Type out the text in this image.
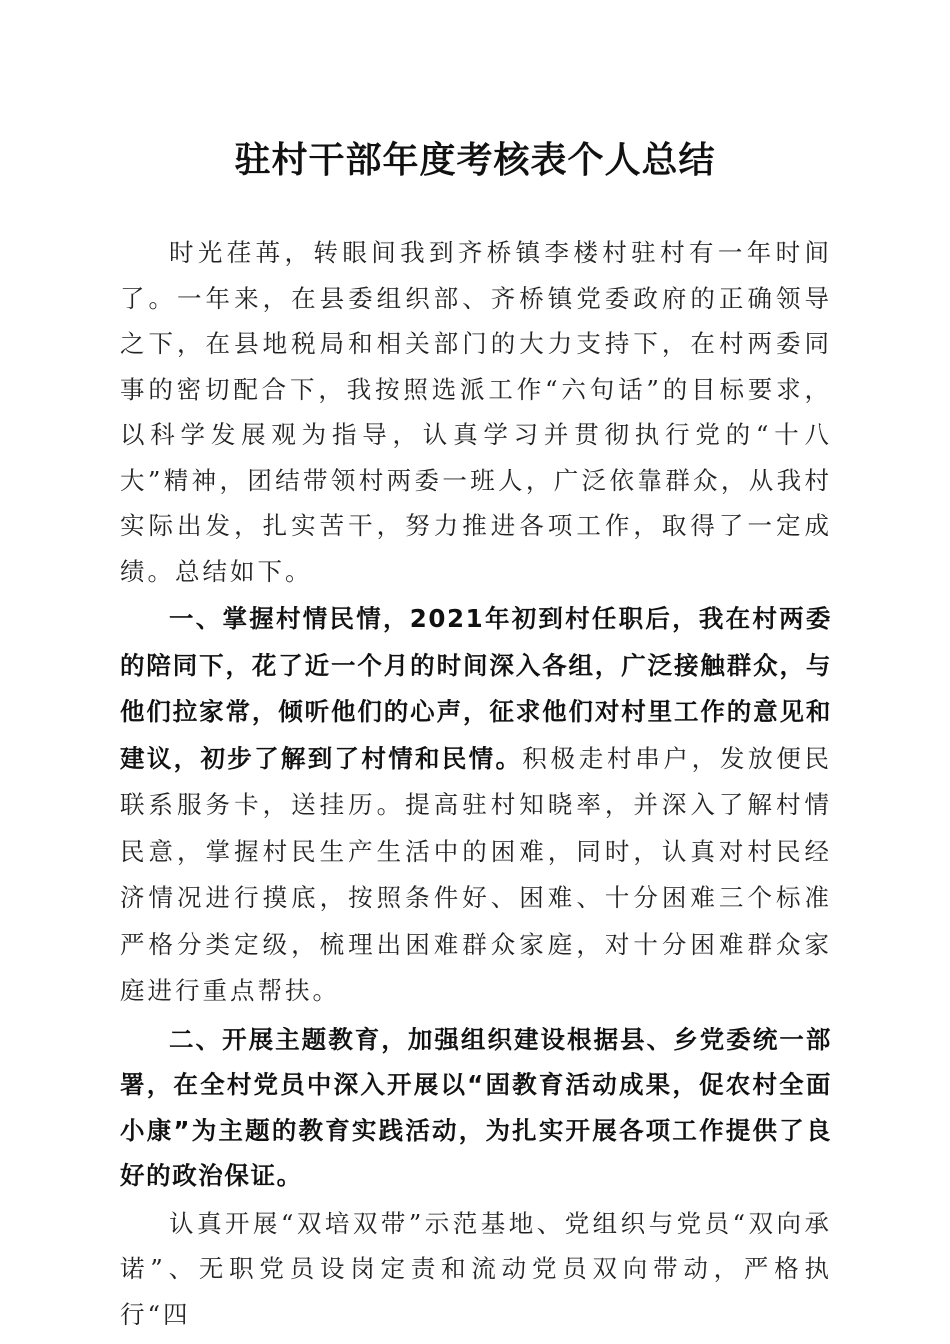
驻村干部年度考核表个人总结

时光荏苒，转眼间我到齐桥镇李楼村驻村有一年时间了。一年来，在县委组织部、齐桥镇党委政府的正确领导之下，在县地税局和相关部门的大力支持下，在村两委同事的密切配合下，我按照选派工作“六句话”的目标要求，以科学发展观为指导，认真学习并贯彻执行党的“十八大”精神，团结带领村两委一班人，广泛依靠群众，从我村实际出发，扎实苦干，努力推进各项工作，取得了一定成绩。总结如下。

一、掌握村情民情，2021年初到村任职后，我在村两委的陪同下，花了近一个月的时间深入各组，广泛接触群众，与他们拉家常，倾听他们的心声，征求他们对村里工作的意见和建议，初步了解到了村情和民情。积极走村串户，发放便民联系服务卡，送挂历。提高驻村知晓率，并深入了解村情民意，掌握村民生产生活中的困难，同时，认真对村民经济情况进行摸底，按照条件好、困难、十分困难三个标准严格分类定级，梳理出困难群众家庭，对十分困难群众家庭进行重点帮扶。

二、开展主题教育，加强组织建设根据县、乡党委统一部署，在全村党员中深入开展以“固教育活动成果，促农村全面小康”为主题的教育实践活动，为扎实开展各项工作提供了良好的政治保证。

认真开展“双培双带”示范基地、党组织与党员“双向承诺”、无职党员设岗定责和流动党员双向带动，严格执行“四
